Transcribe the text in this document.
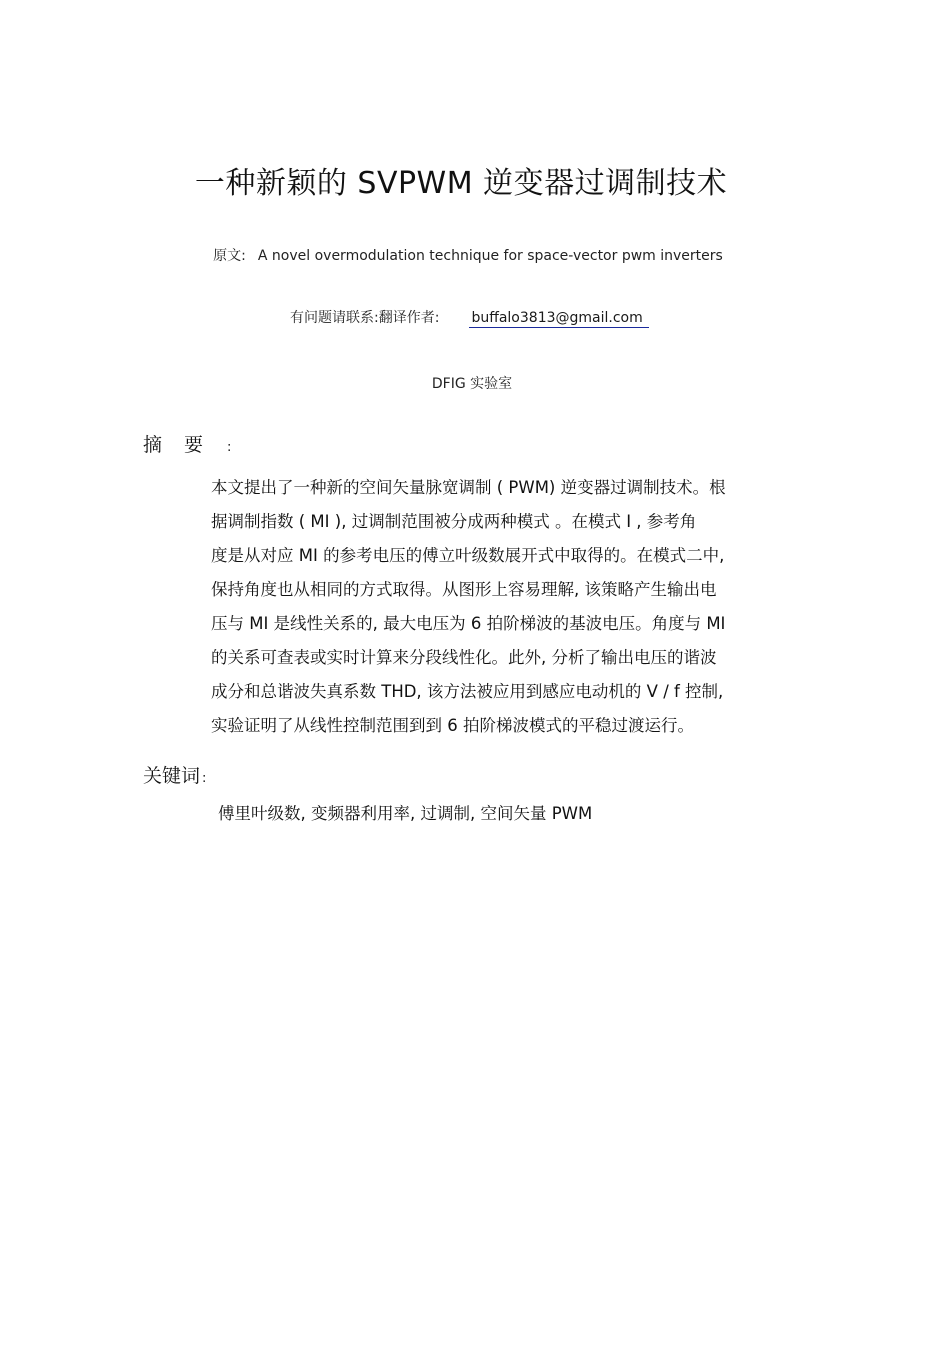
一种新颖的 SVPWM 逆变器过调制技术
原文: A novel overmodulation technique for space-vector pwm inverters
有问题请联系:翻译作者: buffalo3813@gmail.com
DFIG 实验室
摘要 :
本文提出了一种新的空间矢量脉宽调制 ( PWM) 逆变器过调制技术。根
据调制指数 ( MI ), 过调制范围被分成两种模式 。在模式 I , 参考角
度是从对应 MI 的参考电压的傅立叶级数展开式中取得的。在模式二中,
保持角度也从相同的方式取得。从图形上容易理解, 该策略产生输出电
压与 MI 是线性关系的, 最大电压为 6 拍阶梯波的基波电压。角度与 MI
的关系可查表或实时计算来分段线性化。此外, 分析了输出电压的谐波
成分和总谐波失真系数 THD, 该方法被应用到感应电动机的 V / f 控制,
实验证明了从线性控制范围到到 6 拍阶梯波模式的平稳过渡运行。
关键词 :
傅里叶级数, 变频器利用率, 过调制, 空间矢量 PWM
